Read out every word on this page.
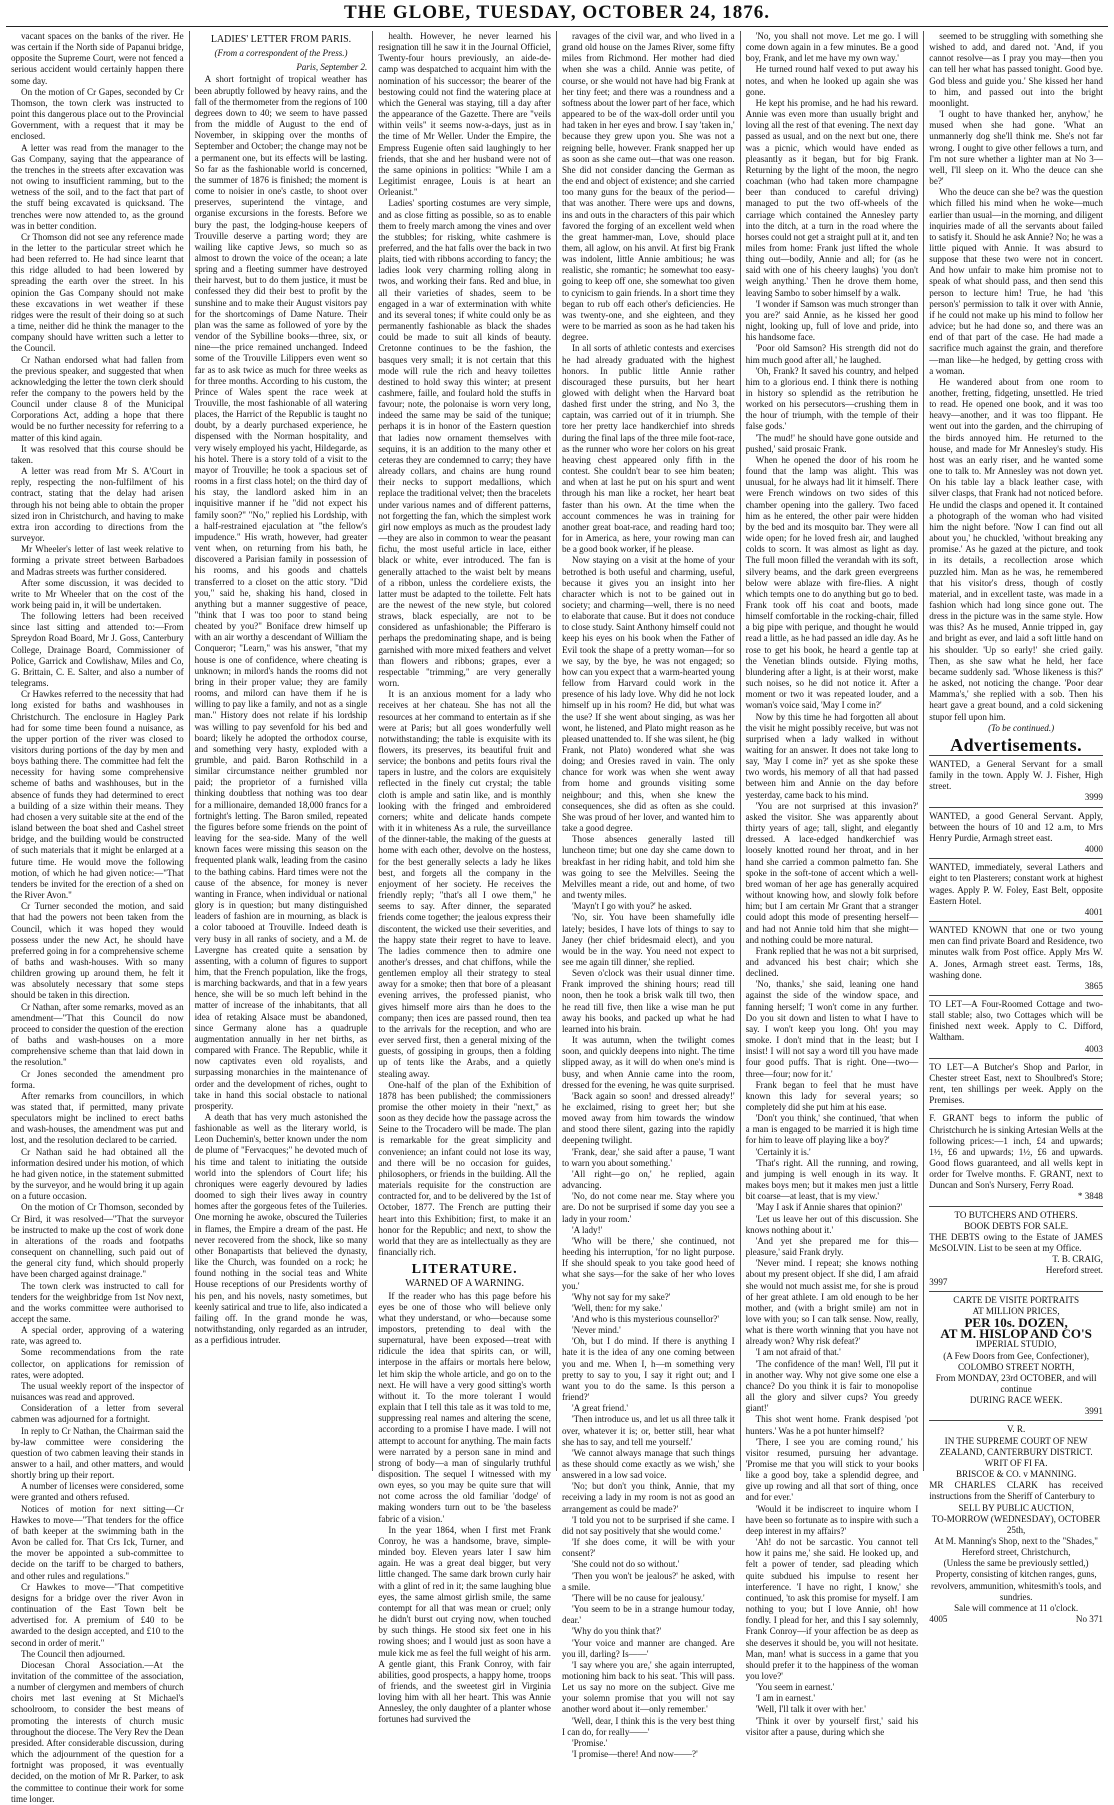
THE GLOBE, TUESDAY, OCTOBER 24, 1876.

vacant spaces on the banks of the river. He was certain if the North side of Papanui bridge, opposite the Supreme Court, were not fenced a serious accident would certainly happen there some day.

On the motion of Cr Gapes, seconded by Cr Thomson, the town clerk was instructed to point this dangerous place out to the Provincial Government, with a request that it may be enclosed.

A letter was read from the manager to the Gas Company, saying that the appearance of the trenches in the streets after excavation was not owing to insufficient ramming, but to the wetness of the soil, and to the fact that part of the stuff being excavated is quicksand. The trenches were now attended to, as the ground was in better condition.

Cr Thomson did not see any reference made in the letter to the particular street which he had been referred to. He had since learnt that this ridge alluded to had been lowered by spreading the earth over the street. In his opinion the Gas Company should not make these excavations in wet weather if these ridges were the result of their doing so at such a time, neither did he think the manager to the company should have written such a letter to the Council.

Cr Nathan endorsed what had fallen from the previous speaker, and suggested that when acknowledging the letter the town clerk should refer the company to the powers held by the Council under clause 8 of the Municipal Corporations Act, adding a hope that there would be no further necessity for referring to a matter of this kind again.

It was resolved that this course should be taken.

A letter was read from Mr S. A'Court in reply, respecting the non-fulfilment of his contract, stating that the delay had arisen through his not being able to obtain the proper sized iron in Christchurch, and having to make extra iron according to directions from the surveyor.

Mr Wheeler's letter of last week relative to forming a private street between Barbadoes and Madras streets was further considered.

After some discussion, it was decided to write to Mr Wheeler that on the cost of the work being paid in, it will be undertaken.

The following letters had been received since last sitting and attended to:—From Spreydon Road Board, Mr J. Goss, Canterbury College, Drainage Board, Commissioner of Police, Garrick and Cowlishaw, Miles and Co, G. Brittain, C. E. Salter, and also a number of telegrams.

Cr Hawkes referred to the necessity that had long existed for baths and washhouses in Christchurch. The enclosure in Hagley Park had for some time been found a nuisance, as the upper portion of the river was closed to visitors during portions of the day by men and boys bathing there. The committee had felt the necessity for having some comprehensive scheme of baths and washhouses, but in the absence of funds they had determined to erect a building of a size within their means. They had chosen a very suitable site at the end of the island between the boat shed and Cashel street bridge, and the building would be constructed of such materials that it might be enlarged at a future time. He would move the following motion, of which he had given notice:—"That tenders be invited for the erection of a shed on the River Avon."

Cr Turner seconded the motion, and said that had the powers not been taken from the Council, which it was hoped they would possess under the new Act, he should have preferred going in for a comprehensive scheme of baths and wash-houses. With so many children growing up around them, he felt it was absolutely necessary that some steps should be taken in this direction.

Cr Nathan, after some remarks, moved as an amendment—"That this Council do now proceed to consider the question of the erection of baths and wash-houses on a more comprehensive scheme than that laid down in the resolution."

Cr Jones seconded the amendment pro forma.

After remarks from councillors, in which was stated that, if permitted, many private speculators might be inclined to erect baths and wash-houses, the amendment was put and lost, and the resolution declared to be carried.

Cr Nathan said he had obtained all the information desired under his motion, of which he had given notice, in the statement submitted by the surveyor, and he would bring it up again on a future occasion.

On the motion of Cr Thomson, seconded by Cr Bird, it was resolved—"That the surveyor be instructed to make up the cost of work done in alterations of the roads and footpaths consequent on channelling, such paid out of the general city fund, which should properly have been charged against drainage."

The town clerk was instructed to call for tenders for the weighbridge from 1st Nov next, and the works committee were authorised to accept the same.

A special order, approving of a watering rate, was agreed to.

Some recommendations from the rate collector, on applications for remission of rates, were adopted.

The usual weekly report of the inspector of nuisances was read and approved.

Consideration of a letter from several cabmen was adjourned for a fortnight.

In reply to Cr Nathan, the Chairman said the by-law committee were considering the question of two cabmen leaving their stands in answer to a hail, and other matters, and would shortly bring up their report.

A number of licenses were considered, some were granted and others refused.

Notices of motion for next sitting—Cr Hawkes to move—"That tenders for the office of bath keeper at the swimming bath in the Avon be called for. That Crs Ick, Turner, and the mover be appointed a sub-committee to decide on the tariff to be charged to bathers, and other rules and regulations."

Cr Hawkes to move—"That competitive designs for a bridge over the river Avon in continuation of the East Town belt be advertised for. A premium of £40 to be awarded to the design accepted, and £10 to the second in order of merit."

The Council then adjourned.

Diocesan Choral Association.—At the invitation of the committee of the association, a number of clergymen and members of church choirs met last evening at St Michael's schoolroom, to consider the best means of promoting the interests of church music throughout the diocese. The Very Rev the Dean presided. After considerable discussion, during which the adjournment of the question for a fortnight was proposed, it was eventually decided, on the motion of Mr R. Parker, to ask the committee to continue their work for some time longer.

LADIES' LETTER FROM PARIS.
(From a correspondent of the Press.)
Paris, September 2.

A short fortnight of tropical weather has been abruptly followed by heavy rains, and the fall of the thermometer from the regions of 100 degrees down to 40; we seem to have passed from the middle of August to the end of November, in skipping over the months of September and October; the change may not be a permanent one, but its effects will be lasting. So far as the fashionable world is concerned, the summer of 1876 is finished; the moment is come to noisier in one's castle, to shoot over preserves, superintend the vintage, and organise excursions in the forests. Before we bury the past, the lodging-house keepers of Trouville deserve a parting word; they are wailing like captive Jews, so much so as almost to drown the voice of the ocean; a late spring and a fleeting summer have destroyed their harvest, but to do them justice, it must be confessed they did their best to profit by the sunshine and to make their August visitors pay for the shortcomings of Dame Nature. Their plan was the same as followed of yore by the vendor of the Sybilline books—three, six, or nine—the price remained unchanged. Indeed some of the Trouville Lilippers even went so far as to ask twice as much for three weeks as for three months. According to his custom, the Prince of Wales spent the race week at Trouville, the most fashionable of all watering places, the Harrict of the Republic is taught no doubt, by a dearly purchased experience, he dispensed with the Norman hospitality, and very wisely employed his yacht, Hildegarde, as his hotel. There is a story told of a visit to the mayor of Trouville; he took a spacious set of rooms in a first class hotel; on the third day of his stay, the landlord asked him in an inquisitive manner if he "did not expect his family soon?" "No," replied his Lordship, with a half-restrained ejaculation at "the fellow's impudence." His wrath, however, had greater vent when, on returning from his bath, he discovered a Parisian family in possession of his rooms, and his goods and chattels transferred to a closet on the attic story. "Did you," said he, shaking his hand, closed in anything but a manner suggestive of peace, "think that I was too poor to stand being cheated by you?" Boniface drew himself up with an air worthy a descendant of William the Conqueror; "Learn," was his answer, "that my house is one of confidence, where cheating is unknown; in milord's hands the rooms did not bring in their proper value; they are family rooms, and milord can have them if he is willing to pay like a family, and not as a single man." History does not relate if his lordship was willing to pay sevenfold for his bed and board; likely he adopted the orthodox course, and something very hasty, exploded with a grumble, and paid. Baron Rothschild in a similar circumstance neither grumbled nor paid; the proprietor of a furnished villa thinking doubtless that nothing was too dear for a millionaire, demanded 18,000 francs for a fortnight's letting. The Baron smiled, repeated the figures before some friends on the point of leaving for the sea-side. Many of the well known faces were missing this season on the frequented plank walk, leading from the casino to the bathing cabins. Hard times were not the cause of the absence, for money is never wanting in France, when individual or national glory is in question; but many distinguished leaders of fashion are in mourning, as black is a color tabooed at Trouville. Indeed death is very busy in all ranks of society, and a M. de Lavergne has created quite a sensation by assenting, with a column of figures to support him, that the French population, like the frogs, is marching backwards, and that in a few years hence, she will be so much left behind in the matter of increase of the inhabitants, that all idea of retaking Alsace must be abandoned, since Germany alone has a quadruple augmentation annually in her net births, as compared with France. The Republic, while it now captivates even old royalists, and surpassing monarchies in the maintenance of order and the development of riches, ought to take in hand this social obstacle to national prosperity.

A death that has very much astonished the fashionable as well as the literary world, is Leon Duchemin's, better known under the nom de plume of "Fervacques;" he devoted much of his time and talent to initiating the outside world into the splendors of Court life; his chroniques were eagerly devoured by ladies doomed to sigh their lives away in country homes after the gorgeous fetes of the Tuileries. One morning he awoke, obscured the Tuileries in flames, the Empire a dream of the past. He never recovered from the shock, like so many other Bonapartists that believed the dynasty, like the Church, was founded on a rock; he found nothing in the social teas and White House receptions of our Presidents worthy of his pen, and his novels, nasty sometimes, but keenly satirical and true to life, also indicated a failing off. In the grand monde he was, notwithstanding, only regarded as an intruder, as a perfidious intruder.

health. However, he never learned his resignation till he saw it in the Journal Officiel, Twenty-four hours previously, an aide-de-camp was despatched to acquaint him with the nomination of his successor; the bearer of the bestowing could not find the watering place at which the General was staying, till a day after the appearance of the Gazette. There are "veils within veils" it seems now-a-days, just as in the time of Mr Weller. Under the Empire, the Empress Eugenie often said laughingly to her friends, that she and her husband were not of the same opinions in politics: "While I am a Legitimist enragee, Louis is at heart an Orleanist."

Ladies' sporting costumes are very simple, and as close fitting as possible, so as to enable them to freely march among the vines and over the stubbles; for risking, white cashmere is preferred, and the hat falls over the back in two plaits, tied with ribbons according to fancy; the ladies look very charming rolling along in twos, and working their fans. Red and blue, in all their varieties of shades, seem to be engaged in a war of extermination with white and its several tones; if white could only be as permanently fashionable as black the shades could be made to suit all kinds of beauty. Cretonne continues to be the fashion, the basques very small; it is not certain that this mode will rule the rich and heavy toilettes destined to hold sway this winter; at present cashmere, faille, and foulard hold the stuffs in favour; note, the polonaise is worn very long, indeed the same may be said of the tunique; perhaps it is in honor of the Eastern question that ladies now ornament themselves with sequins, it is an addition to the many other et ceteras they are condemned to carry; they have already collars, and chains are hung round their necks to support medallions, which replace the traditional velvet; then the bracelets under various names and of different patterns, not forgetting the fan, which the simplest work girl now employs as much as the proudest lady—they are also in common to wear the peasant fichu, the most useful article in lace, either black or white, ever introduced. The fan is generally attached to the waist belt by means of a ribbon, unless the cordeliere exists, the latter must be adapted to the toilette. Felt hats are the newest of the new style, but colored straws, black especially, are not to be considered as unfashionable; the Pifferaro is perhaps the predominating shape, and is being garnished with more mixed feathers and velvet than flowers and ribbons; grapes, ever a respectable "trimming," are very generally worn.

It is an anxious moment for a lady who receives at her chateau. She has not all the resources at her command to entertain as if she were at Paris; but all goes wonderfully well notwithstanding; the table is exquisite with its flowers, its preserves, its beautiful fruit and service; the bonbons and petits fours rival the tapers in lustre, and the colors are exquisitely reflected in the finely cut crystal; the table cloth is ample and satin like, and is monthly looking with the fringed and embroidered corners; white and delicate hands compete with it in whiteness As a rule, the surveillance of the dinner-table, the making of the guests at home with each other, devolve on the hostess, for the best generally selects a lady he likes best, and forgets all the company in the enjoyment of her society. He receives the friendly reply; "that's all I owe them," he seems to say. After dinner, the separated friends come together; the jealous express their discontent, the wicked use their severities, and the happy state their regret to have to leave. The ladies commence then to admire one another's dresses, and chat chiffons, while the gentlemen employ all their strategy to steal away for a smoke; then that bore of a pleasant evening arrives, the professed pianist, who gives himself more airs than he does to the company; then ices are passed round, then tea to the arrivals for the reception, and who are ever served first, then a general mixing of the guests, of gossiping in groups, then a folding up of tents like the Arabs, and a quietly stealing away.

One-half of the plan of the Exhibition of 1878 has been published; the commissioners promise the other moiety in their "next," as soon as they decide how the passage across the Seine to the Trocadero will be made. The plan is remarkable for the great simplicity and convenience; an infant could not lose its way, and there will be no occasion for guides, philosophers, or friends in the building. All the materials requisite for the construction are contracted for, and to be delivered by the 1st of October, 1877. The French are putting their heart into this Exhibition; first, to make it an honor for the Republic; and next, to show the world that they are as intellectually as they are financially rich.

LITERATURE.
WARNED OF A WARNING.

If the reader who has this page before his eyes be one of those who will believe only what they understand, or who—because some impostors, pretending to deal with the supernatural, have been exposed—treat with ridicule the idea that spirits can, or will, interpose in the affairs or mortals here below, let him skip the whole article, and go on to the next. He will have a very good sitting's worth without it. To the more tolerant I would explain that I tell this tale as it was told to me, suppressing real names and altering the scene, according to a promise I have made. I will not attempt to account for anything. The main facts were narrated by a person sane in mind and strong of body—a man of singularly truthful disposition. The sequel I witnessed with my own eyes, so you may be quite sure that will not come across the old familiar 'dodge' of making wonders turn out to be 'the baseless fabric of a vision.'

In the year 1864, when I first met Frank Conroy, he was a handsome, brave, simple-minded boy. Eleven years later I saw him again. He was a great deal bigger, but very little changed. The same dark brown curly hair with a glint of red in it; the same laughing blue eyes, the same almost girlish smile, the same contempt for all that was mean or cruel; only he didn't burst out crying now, when touched by such things. He stood six feet one in his rowing shoes; and I would just as soon have a mule kick me as feel the full weight of his arm. A gentle giant, this Frank Conroy, with fair abilities, good prospects, a happy home, troops of friends, and the sweetest girl in Virginia loving him with all her heart. This was Annie Annesley, the only daughter of a planter whose fortunes had survived the

ravages of the civil war, and who lived in a grand old house on the James River, some fifty miles from Richmond. Her mother had died when she was a child. Annie was petite, of course, or she would not have had big Frank at her tiny feet; and there was a roundness and a softness about the lower part of her face, which appeared to be of the wax-doll order until you had taken in her eyes and brow. I say 'taken in,' because they grew upon you. She was not a reigning belle, however. Frank snapped her up as soon as she came out—that was one reason. She did not consider dancing the German as the end and object of existence; and she carried too many guns for the beaux of the period—that was another. There were ups and downs, ins and outs in the characters of this pair which favored the forging of an excellent weld when the great hammer-man, Love, should place them, all aglow, on his anvil. At first big Frank was indolent, little Annie ambitious; he was realistic, she romantic; he somewhat too easy-going to keep off one, she somewhat too given to cynicism to gain friends. In a short time they began to rub off each other's deficiencies. He was twenty-one, and she eighteen, and they were to be married as soon as he had taken his degree.

In all sorts of athletic contests and exercises he had already graduated with the highest honors. In public little Annie rather discouraged these pursuits, but her heart glowed with delight when the Harvard boat dashed first under the string, and No 3, the captain, was carried out of it in triumph. She tore her pretty lace handkerchief into shreds during the final laps of the three mile foot-race, as the runner who wore her colors on his great heaving chest appeared only fifth in the contest. She couldn't bear to see him beaten; and when at last he put on his spurt and went through his man like a rocket, her heart beat faster than his own. At the time when the account commences he was in training for another great boat-race, and reading hard too; for in America, as here, your rowing man can be a good book worker, if he please.

Now staying on a visit at the home of your betrothed is both useful and charming, useful, because it gives you an insight into her character which is not to be gained out in society; and charming—well, there is no need to elaborate that cause. But it does not conduce to close study. Saint Anthony himself could not keep his eyes on his book when the Father of Evil took the shape of a pretty woman—for so we say, by the bye, he was not engaged; so how can you expect that a warm-hearted young fellow from Harvard could work in the presence of his lady love. Why did he not lock himself up in his room? He did, but what was the use? If she went about singing, as was her wont, he listened, and Plato might reason as he pleased unattended to. If she was silent, he (big Frank, not Plato) wondered what she was doing; and Oresies raved in vain. The only chance for work was when she went away from home and grounds visiting some neighbour; and this, when she knew the consequences, she did as often as she could. She was proud of her lover, and wanted him to take a good degree.

Those absences generally lasted till luncheon time; but one day she came down to breakfast in her riding habit, and told him she was going to see the Melvilles. Seeing the Melvilles meant a ride, out and home, of two and twenty miles.

'Mayn't I go with you?' he asked.

'No, sir. You have been shamefully idle lately; besides, I have lots of things to say to Janey (her chief bridesmaid elect), and you would be in the way. You need not expect to see me again till dinner,' she replied.

Seven o'clock was their usual dinner time. Frank improved the shining hours; read till noon, then he took a brisk walk till two, then he read till five, then like a wise man he put away his books, and packed up what he had learned into his brain.

It was autumn, when the twilight comes soon, and quickly deepens into night. The time slipped away, as it will do when one's mind is busy, and when Annie came into the room, dressed for the evening, he was quite surprised.

'Back again so soon! and dressed already!' he exclaimed, rising to greet her; but she moved away from him towards the window and stood there silent, gazing into the rapidly deepening twilight.

'Frank, dear,' she said after a pause, 'I want to warn you about something.'

'All right—go on,' he replied, again advancing.

'No, do not come near me. Stay where you are. Do not be surprised if some day you see a lady in your room.'

'A lady!'

'Who will be there,' she continued, not heeding his interruption, 'for no light purpose. If she should speak to you take good heed of what she says—for the sake of her who loves you.'

'Why not say for my sake?'

'Well, then: for my sake.'

'And who is this mysterious counsellor?'

'Never mind.'

'Oh, but I do mind. If there is anything I hate it is the idea of any one coming between you and me. When I, h—m something very pretty to say to you, I say it right out; and I want you to do the same. Is this person a friend?'

'A great friend.'

'Then introduce us, and let us all three talk it over, whatever it is; or, better still, hear what she has to say, and tell me yourself.'

'We cannot always manage that such things as these should come exactly as we wish,' she answered in a low sad voice.

'No; but don't you think, Annie, that my receiving a lady in my room is not as good an arrangement as could be made?'

'I told you not to be surprised if she came. I did not say positively that she would come.'

'If she does come, it will be with your consent?'

'She could not do so without.'

'Then you won't be jealous?' he asked, with a smile.

'There will be no cause for jealousy.'

'You seem to be in a strange humour today, dear.'

'Why do you think that?'

'Your voice and manner are changed. Are you ill, darling? Is——'

'I say where you are,' she again interrupted, motioning him back to his seat. 'This will pass. Let us say no more on the subject. Give me your solemn promise that you will not say another word about it—only remember.'

'Well, dear, I think this is the very best thing I can do, for really——'

'Promise.'

'I promise—there! And now——?'

'No, you shall not move. Let me go. I will come down again in a few minutes. Be a good boy, Frank, and let me have my own way.'

He turned round half vexed to put away his notes, and when he looked up again she was gone.

He kept his promise, and he had his reward. Annie was even more than usually bright and loving all the rest of that evening. The next day passed as usual, and on the next but one, there was a picnic, which would have ended as pleasantly as it began, but for big Frank. Returning by the light of the moon, the negro coachman (who had taken more champagne beer than conduced to careful driving) managed to put the two off-wheels of the carriage which contained the Annesley party into the ditch, at a turn in the road where the horses could not get a straight pull at it, and ten miles from home: Frank just lifted the whole thing out—bodily, Annie and all; for (as he said with one of his cheery laughs) 'you don't weigh anything.' Then he drove them home, leaving Sambo to sober himself by a walk.

'I wonder if Samson was much stronger than you are?' said Annie, as he kissed her good night, looking up, full of love and pride, into his handsome face.

'Poor old Samson? His strength did not do him much good after all,' he laughed.

'Oh, Frank? It saved his country, and helped him to a glorious end. I think there is nothing in history so splendid as the retribution he worked on his persecutors—crushing them in the hour of triumph, with the temple of their false gods.'

'The mud!' he should have gone outside and pushed,' said prosaic Frank.

When he opened the door of his room he found that the lamp was alight. This was unusual, for he always had lit it himself. There were French windows on two sides of this chamber opening into the gallery. Two faced him as he entered, the other pair were hidden by the bed and its mosquito bar. They were all wide open; for he loved fresh air, and laughed colds to scorn. It was almost as light as day. The full moon filled the verandah with its soft, silvery beams, and the dark green evergreens below were ablaze with fire-flies. A night which tempts one to do anything but go to bed. Frank took off his coat and boots, made himself comfortable in the rocking-chair, filled a big pipe with perique, and thought he would read a little, as he had passed an idle day. As he rose to get his book, he heard a gentle tap at the Venetian blinds outside. Flying moths, blundering after a light, is at their worst, make such noises, so he did not notice it. After a moment or two it was repeated louder, and a woman's voice said, 'May I come in?'

Now by this time he had forgotten all about the visit he might possibly receive, but was not surprised when a lady walked in without waiting for an answer. It does not take long to say, 'May I come in?' yet as she spoke these two words, his memory of all that had passed between him and Annie on the day before yesterday, came back to his mind.

'You are not surprised at this invasion?' asked the visitor. She was apparently about thirty years of age; tall, slight, and elegantly dressed. A lace-edged handkerchief was loosely knotted round her throat, and in her hand she carried a common palmetto fan. She spoke in the soft-tone of accent which a well-bred woman of her age has generally acquired without knowing how, and slowly folk before him; but I am certain Mr Grant that a stranger could adopt this mode of presenting herself—and had not Annie told him that she might—and nothing could be more natural.

Frank replied that he was not a bit surprised, and advanced his best chair; which she declined.

'No, thanks,' she said, leaning one hand against the side of the window space, and fanning herself; 'I won't come in any further. Do you sit down and listen to what I have to say. I won't keep you long. Oh! you may smoke. I don't mind that in the least; but I insist! I will not say a word till you have made four good puffs. That is right. One—two—three—four; now for it.'

Frank began to feel that he must have known this lady for several years; so completely did she put him at his ease.

'Don't you think,' she continued, 'that when a man is engaged to be married it is high time for him to leave off playing like a boy?'

'Certainly it is.'

'That's right. All the running, and rowing, and jumping is well enough in its way. It makes boys men; but it makes men just a little bit coarse—at least, that is my view.'

'May I ask if Annie shares that opinion?'

'Let us leave her out of this discussion. She knows nothing about it.'

'And yet she prepared me for this—pleasure,' said Frank dryly.

'Never mind. I repeat; she knows nothing about my present object. If she did, I am afraid she would not much assist me, for she is proud of her great athlete. I am old enough to be her mother, and (with a bright smile) am not in love with you; so I can talk sense. Now, really, what is there worth winning that you have not already won? Why risk defeat?'

'I am not afraid of that.'

'The confidence of the man! Well, I'll put it in another way. Why not give some one else a chance? Do you think it is fair to monopolise all the glory and silver cups? You greedy giant!'

This shot went home. Frank despised 'pot hunters.' Was he a pot hunter himself?

'There, I see you are coming round,' his visitor resumed, pursuing her advantage. 'Promise me that you will stick to your books like a good boy, take a splendid degree, and give up rowing and all that sort of thing, once and for ever.'

'Would it be indiscreet to inquire whom I have been so fortunate as to inspire with such a deep interest in my affairs?'

'Ah! do not be sarcastic. You cannot tell how it pains me,' she said. He looked up, and felt a power of tender, sad pleading which quite subdued his impulse to resent her interference. 'I have no right, I know,' she continued, 'to ask this promise for myself. I am nothing to you; but I love Annie, oh! how fondly. I plead for her, and this I say solemnly, Frank Conroy—if your affection be as deep as she deserves it should be, you will not hesitate. Man, man! what is success in a game that you should prefer it to the happiness of the woman you love?'

'You seem in earnest.'

'I am in earnest.'

'Well, I'll talk it over with her.'

'Think it over by yourself first,' said his visitor after a pause, during which she

seemed to be struggling with something she wished to add, and dared not. 'And, if you cannot resolve—as I pray you may—then you can tell her what has passed tonight. Good bye. God bless and guide you.' She kissed her hand to him, and passed out into the bright moonlight.

'I ought to have thanked her, anyhow,' he mused when she had gone. 'What an unmannerly dog she'll think me. She's not far wrong. I ought to give other fellows a turn, and I'm not sure whether a lighter man at No 3—well, I'll sleep on it. Who the deuce can she be?'

Who the deuce can she be? was the question which filled his mind when he woke—much earlier than usual—in the morning, and diligent inquiries made of all the servants about failed to satisfy it. Should he ask Annie? No; he was a little piqued with Annie. It was absurd to suppose that these two were not in concert. And how unfair to make him promise not to speak of what should pass, and then send this person to lecture him! True, he had 'this person's' permission to talk it over with Annie, if he could not make up his mind to follow her advice; but he had done so, and there was an end of that part of the case. He had made a sacrifice much against the grain, and therefore—man like—he hedged, by getting cross with a woman.

He wandered about from one room to another, fretting, fidgeting, unsettled. He tried to read. He opened one book, and it was too heavy—another, and it was too flippant. He went out into the garden, and the chirruping of the birds annoyed him. He returned to the house, and made for Mr Annesley's study. His host was an early riser, and he wanted some one to talk to. Mr Annesley was not down yet. On his table lay a black leather case, with silver clasps, that Frank had not noticed before. He undid the clasps and opened it. It contained a photograph of the woman who had visited him the night before. 'Now I can find out all about you,' he chuckled, 'without breaking any promise.' As he gazed at the picture, and took in its details, a recollection arose which puzzled him. Man as he was, he remembered that his visitor's dress, though of costly material, and in excellent taste, was made in a fashion which had long since gone out. The dress in the picture was in the same style. How was this? As he mused, Annie tripped in, gay and bright as ever, and laid a soft little hand on his shoulder. 'Up so early!' she cried gaily. Then, as she saw what he held, her face became suddenly sad. 'Whose likeness is this?' he asked, not noticing the change. 'Poor dear Mamma's,' she replied with a sob. Then his heart gave a great bound, and a cold sickening stupor fell upon him.

(To be continued.)

Advertisements.

WANTED, a General Servant for a small family in the town. Apply W. J. Fisher, High street.

3999

WANTED, a good General Servant. Apply, between the hours of 10 and 12 a.m, to Mrs Henry Purdie, Armagh street east.

4000

WANTED, immediately, several Lathers and eight to ten Plasterers; constant work at highest wages. Apply P. W. Foley, East Belt, opposite Eastern Hotel.

4001

WANTED KNOWN that one or two young men can find private Board and Residence, two minutes walk from Post office. Apply Mrs W. A. Jones, Armagh street east. Terms, 18s, washing done.

3865

TO LET—A Four-Roomed Cottage and two-stall stable; also, two Cottages which will be finished next week. Apply to C. Difford, Waltham.

4003

TO LET—A Butcher's Shop and Parlor, in Chester street East, next to Shoulbred's Store; rent, ten shillings per week. Apply on the Premises.

F. GRANT begs to inform the public of Christchurch he is sinking Artesian Wells at the following prices:—1 inch, £4 and upwards; 1½, £6 and upwards; 1½, £6 and upwards. Good flows guaranteed, and all wells kept in order for Twelve months. F. GRANT, next to Duncan and Son's Nursery, Ferry Road.

* 3848

TO BUTCHERS AND OTHERS.

BOOK DEBTS FOR SALE.

THE DEBTS owing to the Estate of JAMES McSOLVIN. List to be seen at my Office.

T. B. CRAIG,

Hereford street.

3997

CARTE DE VISITE PORTRAITS

AT MILLION PRICES,

PER 10s. DOZEN,

AT M. HISLOP AND CO'S

IMPERIAL STUDIO,

(A Few Doors from Gee, Confectioner),

COLOMBO STREET NORTH,

From MONDAY, 23rd OCTOBER, and will continue

DURING RACE WEEK.

3991

V. R.

IN THE SUPREME COURT OF NEW ZEALAND, CANTERBURY DISTRICT.

WRIT OF FI FA.

BRISCOE & CO. v MANNING.

MR CHARLES CLARK has received instructions from the Sheriff of Canterbury to

SELL BY PUBLIC AUCTION,

TO-MORROW (WEDNESDAY), OCTOBER 25th,

At M. Manning's Shop, next to the "Shades," Hereford street, Christchurch,

(Unless the same be previously settled,) Property, consisting of kitchen ranges, guns, revolvers, ammunition, whitesmith's tools, and sundries.

Sale will commence at 11 o'clock.

4005	No 371
